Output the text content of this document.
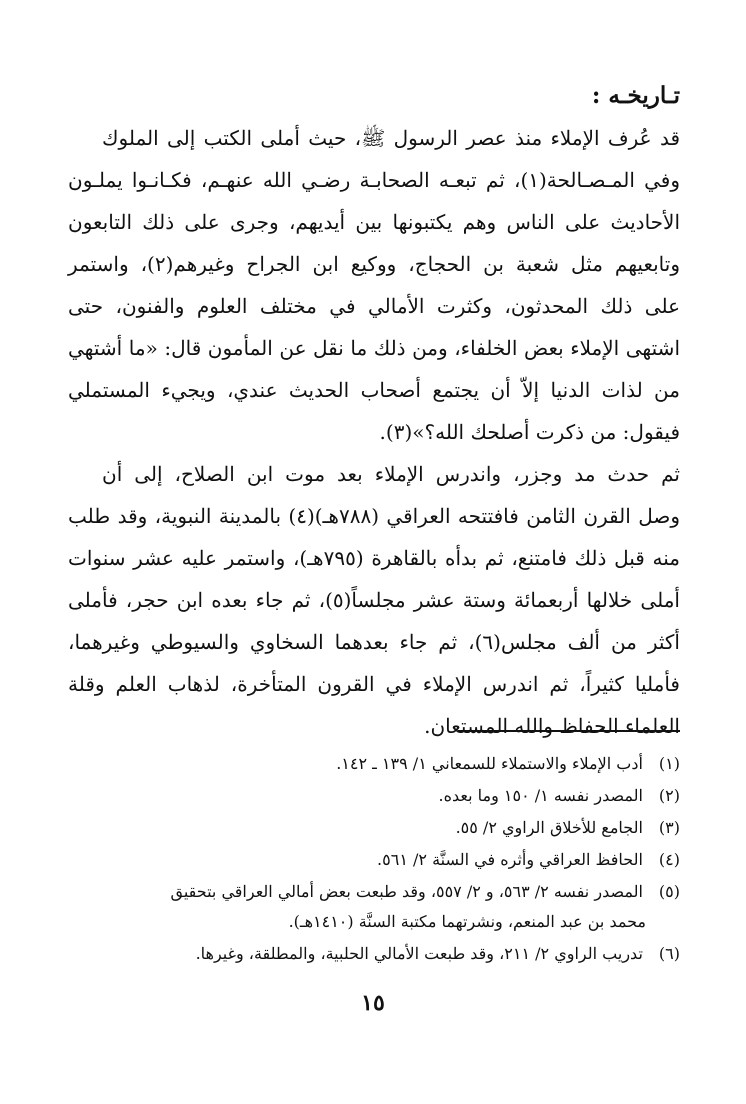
تـاريخـه :
قد عُرف الإملاء منذ عصر الرسول ﷺ، حيث أملى الكتب إلى الملوك
وفي المـصـالحة(١)، ثم تبعـه الصحابـة رضـي الله عنهـم، فكـانـوا يملـون
الأحاديث على الناس وهم يكتبونها بين أيديهم، وجرى على ذلك التابعون
وتابعيهم مثل شعبة بن الحجاج، ووكيع ابن الجراح وغيرهم(٢)، واستمر
على ذلك المحدثون، وكثرت الأمالي في مختلف العلوم والفنون، حتى
اشتهى الإملاء بعض الخلفاء، ومن ذلك ما نقل عن المأمون قال: «ما أشتهي
من لذات الدنيا إلاّ أن يجتمع أصحاب الحديث عندي، ويجيء المستملي
فيقول: من ذكرت أصلحك الله؟»(٣).
ثم حدث مد وجزر، واندرس الإملاء بعد موت ابن الصلاح، إلى أن
وصل القرن الثامن فافتتحه العراقي (٧٨٨هـ)(٤) بالمدينة النبوية، وقد طلب
منه قبل ذلك فامتنع، ثم بدأه بالقاهرة (٧٩٥هـ)، واستمر عليه عشر سنوات
أملى خلالها أربعمائة وستة عشر مجلساً(٥)، ثم جاء بعده ابن حجر، فأملى
أكثر من ألف مجلس(٦)، ثم جاء بعدهما السخاوي والسيوطي وغيرهما،
فأمليا كثيراً، ثم اندرس الإملاء في القرون المتأخرة، لذهاب العلم وقلة
العلماء الحفاظ والله المستعان.
(١) أدب الإملاء والاستملاء للسمعاني ١/ ١٣٩ ـ ١٤٢.
(٢) المصدر نفسه ١/ ١٥٠ وما بعده.
(٣) الجامع للأخلاق الراوي ٢/ ٥٥.
(٤) الحافظ العراقي وأثره في السنَّة ٢/ ٥٦١.
(٥) المصدر نفسه ٢/ ٥٦٣، و ٢/ ٥٥٧، وقد طبعت بعض أمالي العراقي بتحقيق
محمد بن عبد المنعم، ونشرتهما مكتبة السنَّة (١٤١٠هـ).
(٦) تدريب الراوي ٢/ ٢١١، وقد طبعت الأمالي الحلبية، والمطلقة، وغيرها.
١٥
